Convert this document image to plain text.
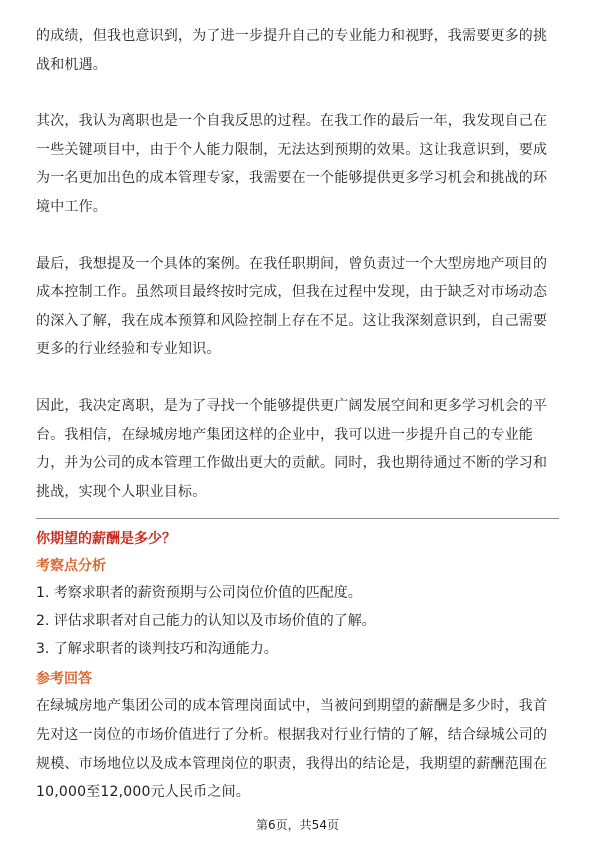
的成绩，但我也意识到，为了进一步提升自己的专业能力和视野，我需要更多的挑
战和机遇。

其次，我认为离职也是一个自我反思的过程。在我工作的最后一年，我发现自己在
一些关键项目中，由于个人能力限制，无法达到预期的效果。这让我意识到，要成
为一名更加出色的成本管理专家，我需要在一个能够提供更多学习机会和挑战的环
境中工作。

最后，我想提及一个具体的案例。在我任职期间，曾负责过一个大型房地产项目的
成本控制工作。虽然项目最终按时完成，但我在过程中发现，由于缺乏对市场动态
的深入了解，我在成本预算和风险控制上存在不足。这让我深刻意识到，自己需要
更多的行业经验和专业知识。

因此，我决定离职，是为了寻找一个能够提供更广阔发展空间和更多学习机会的平
台。我相信，在绿城房地产集团这样的企业中，我可以进一步提升自己的专业能
力，并为公司的成本管理工作做出更大的贡献。同时，我也期待通过不断的学习和
挑战，实现个人职业目标。

你期望的薪酬是多少？

考察点分析

1. 考察求职者的薪资预期与公司岗位价值的匹配度。
2. 评估求职者对自己能力的认知以及市场价值的了解。
3. 了解求职者的谈判技巧和沟通能力。

参考回答

在绿城房地产集团公司的成本管理岗面试中，当被问到期望的薪酬是多少时，我首
先对这一岗位的市场价值进行了分析。根据我对行业行情的了解，结合绿城公司的
规模、市场地位以及成本管理岗位的职责，我得出的结论是，我期望的薪酬范围在
10,000至12,000元人民币之间。

第6页，共54页
